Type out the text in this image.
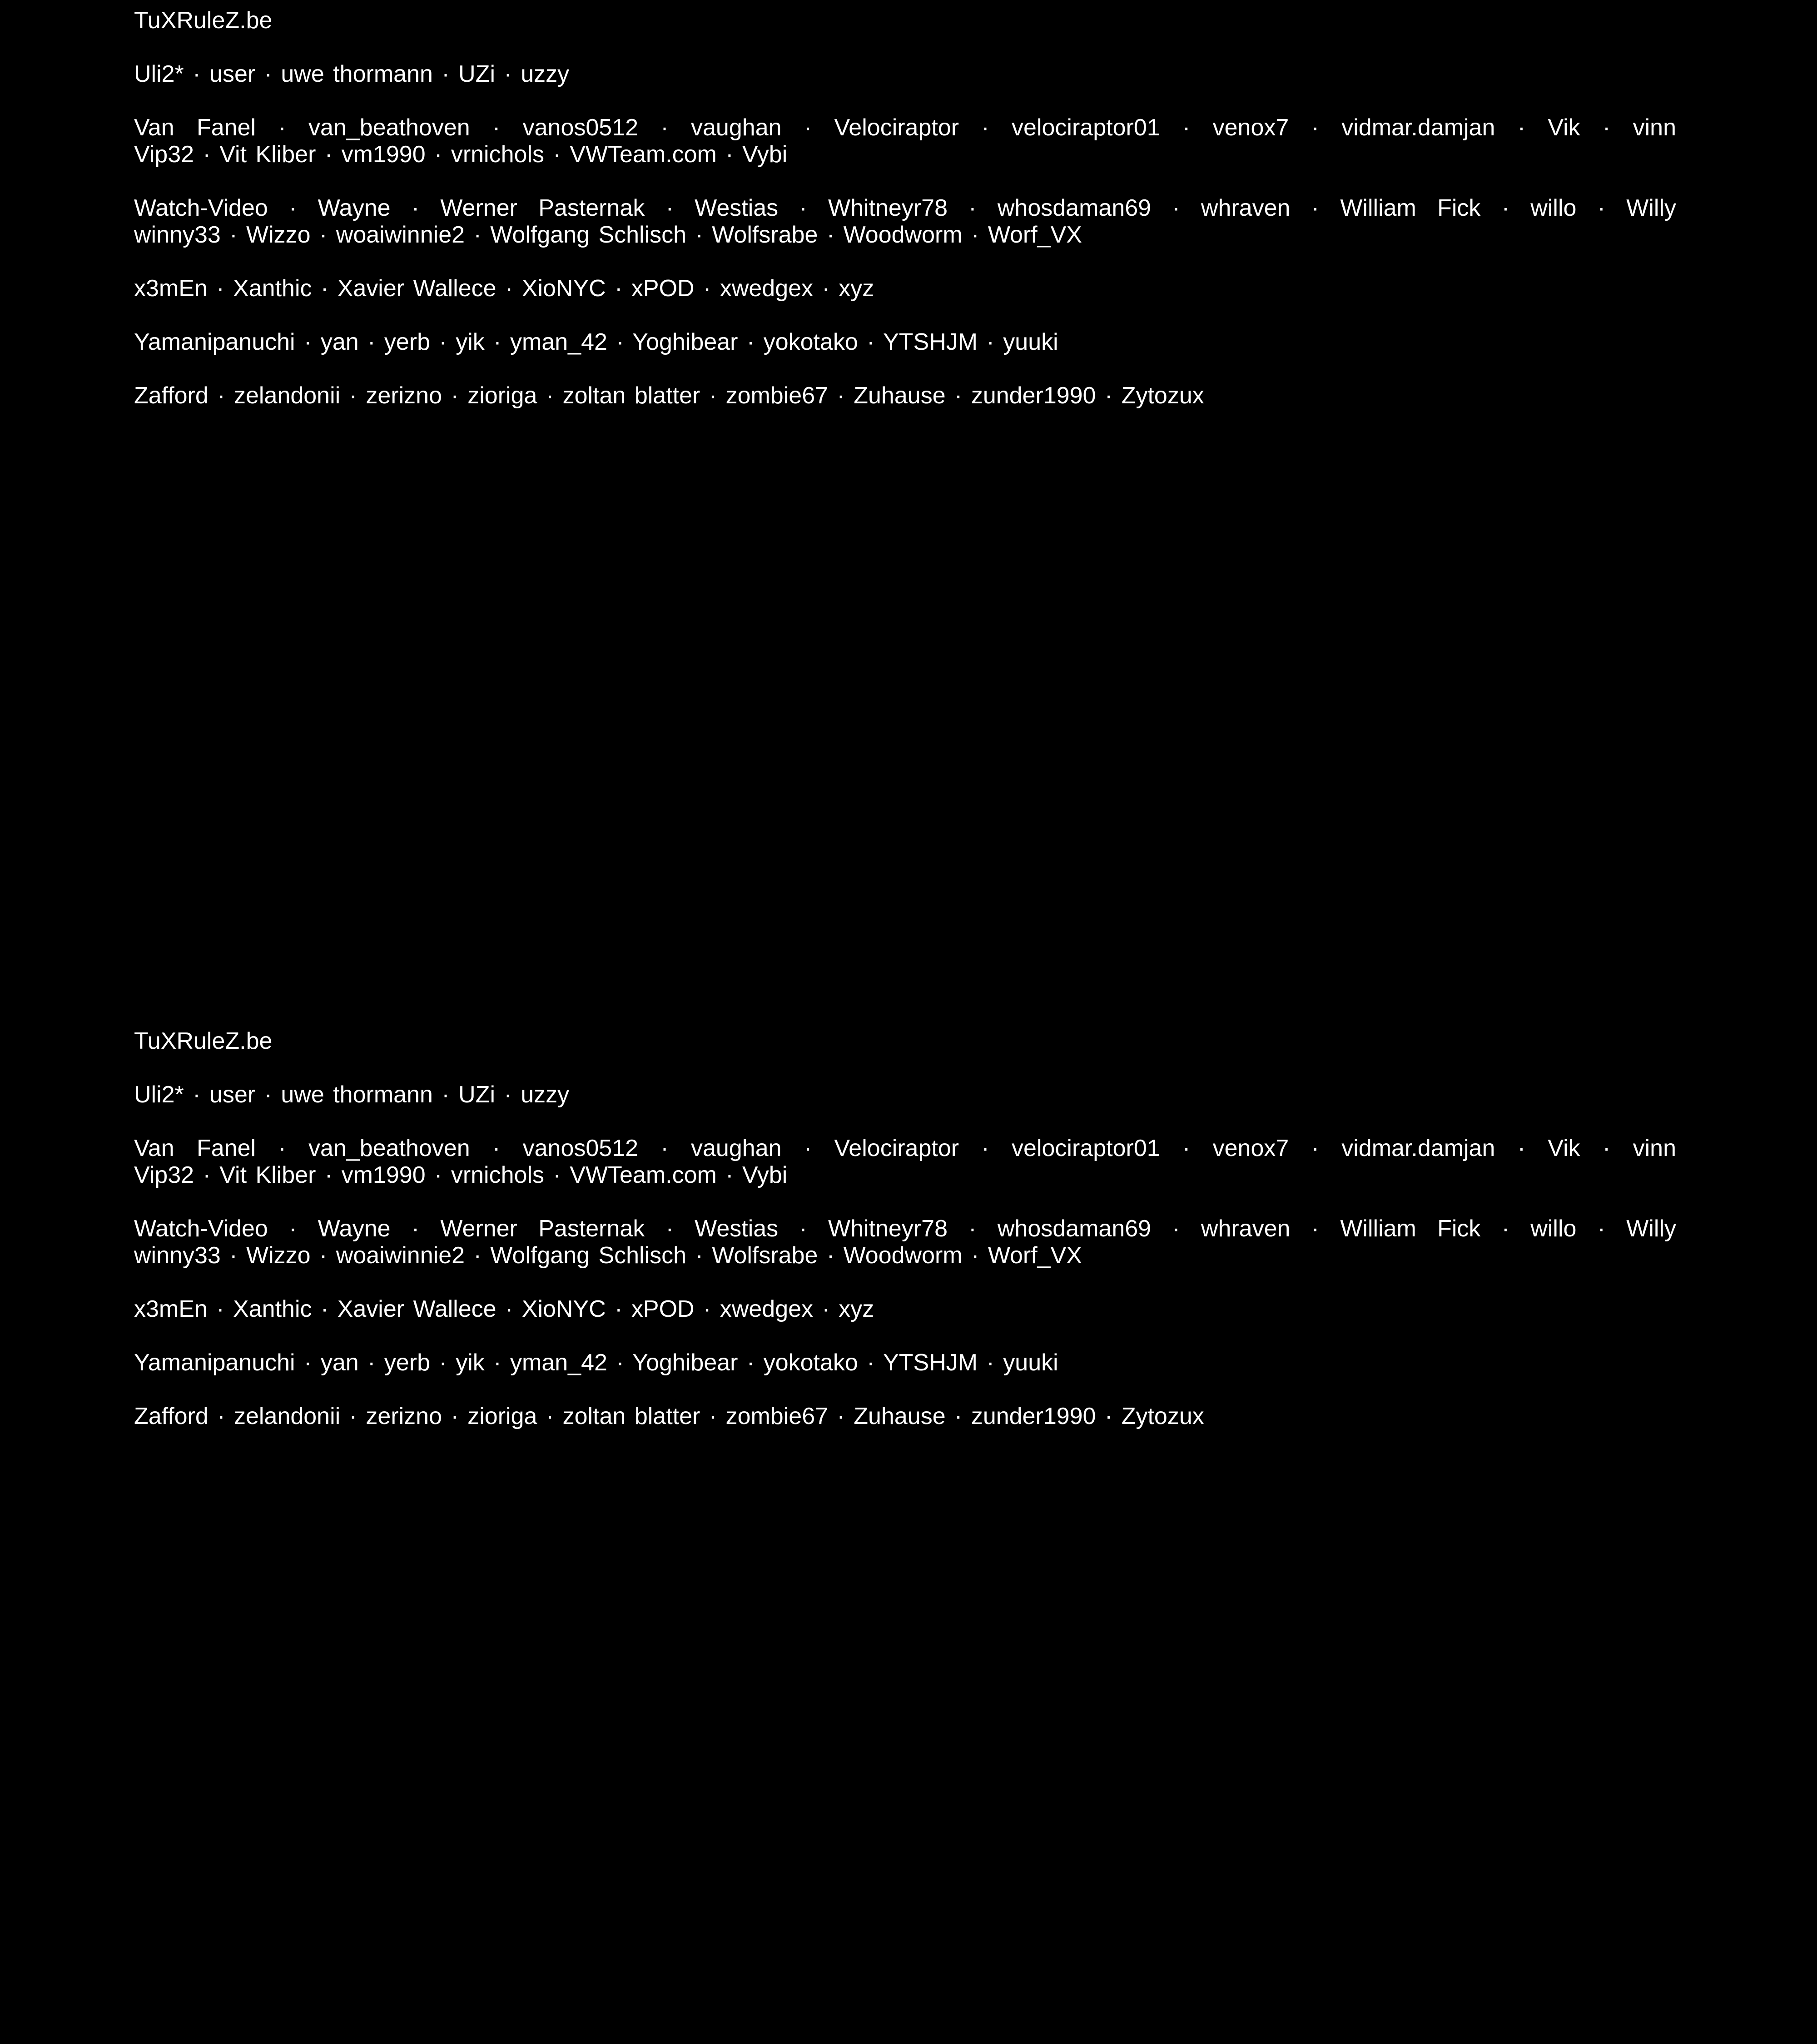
TuXRuleZ.be
Uli2* · user · uwe thormann · UZi · uzzy
Van Fanel · van_beathoven · vanos0512 · vaughan · Velociraptor · velociraptor01 · venox7 · vidmar.damjan · Vik · vinn
Vip32 · Vit Kliber · vm1990 · vrnichols · VWTeam.com · Vybi
Watch-Video · Wayne · Werner Pasternak · Westias · Whitneyr78 · whosdaman69 · whraven · William Fick · willo · Willy
winny33 · Wizzo · woaiwinnie2 · Wolfgang Schlisch · Wolfsrabe · Woodworm · Worf_VX
x3mEn · Xanthic · Xavier Wallece · XioNYC · xPOD · xwedgex · xyz
Yamanipanuchi · yan · yerb · yik · yman_42 · Yoghibear · yokotako · YTSHJM · yuuki
Zafford · zelandonii · zerizno · zioriga · zoltan blatter · zombie67 · Zuhause · zunder1990 · Zytozux
TuXRuleZ.be
Uli2* · user · uwe thormann · UZi · uzzy
Van Fanel · van_beathoven · vanos0512 · vaughan · Velociraptor · velociraptor01 · venox7 · vidmar.damjan · Vik · vinn
Vip32 · Vit Kliber · vm1990 · vrnichols · VWTeam.com · Vybi
Watch-Video · Wayne · Werner Pasternak · Westias · Whitneyr78 · whosdaman69 · whraven · William Fick · willo · Willy
winny33 · Wizzo · woaiwinnie2 · Wolfgang Schlisch · Wolfsrabe · Woodworm · Worf_VX
x3mEn · Xanthic · Xavier Wallece · XioNYC · xPOD · xwedgex · xyz
Yamanipanuchi · yan · yerb · yik · yman_42 · Yoghibear · yokotako · YTSHJM · yuuki
Zafford · zelandonii · zerizno · zioriga · zoltan blatter · zombie67 · Zuhause · zunder1990 · Zytozux
